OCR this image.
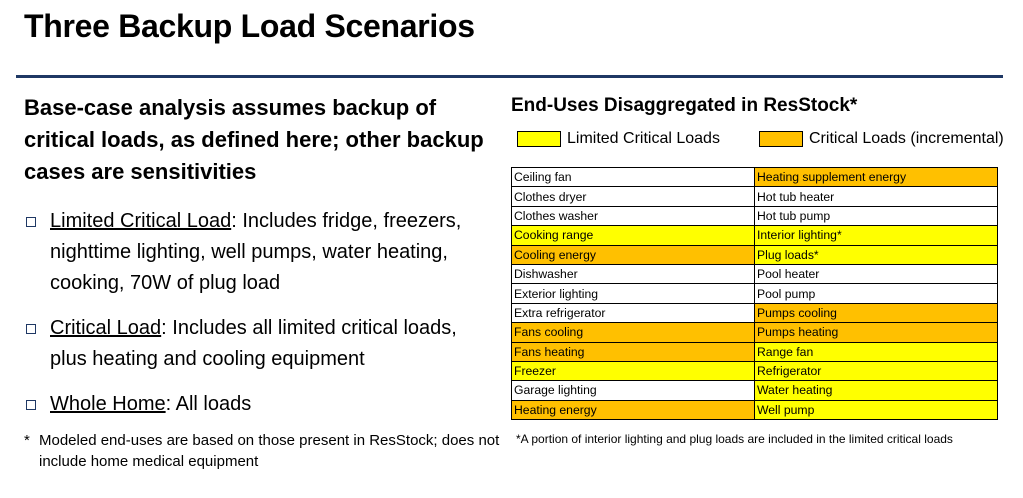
Three Backup Load Scenarios

Base-case analysis assumes backup of critical loads, as defined here; other backup cases are sensitivities

Limited Critical Load: Includes fridge, freezers, nighttime lighting, well pumps, water heating, cooking, 70W of plug load
Critical Load: Includes all limited critical loads, plus heating and cooling equipment
Whole Home: All loads
* Modeled end-uses are based on those present in ResStock; does not include home medical equipment

End-Uses Disaggregated in ResStock*

Limited Critical Loads	Critical Loads (incremental)
Ceiling fan	Heating supplement energy
Clothes dryer	Hot tub heater
Clothes washer	Hot tub pump
Cooking range	Interior lighting*
Cooling energy	Plug loads*
Dishwasher	Pool heater
Exterior lighting	Pool pump
Extra refrigerator	Pumps cooling
Fans cooling	Pumps heating
Fans heating	Range fan
Freezer	Refrigerator
Garage lighting	Water heating
Heating energy	Well pump
*A portion of interior lighting and plug loads are included in the limited critical loads
